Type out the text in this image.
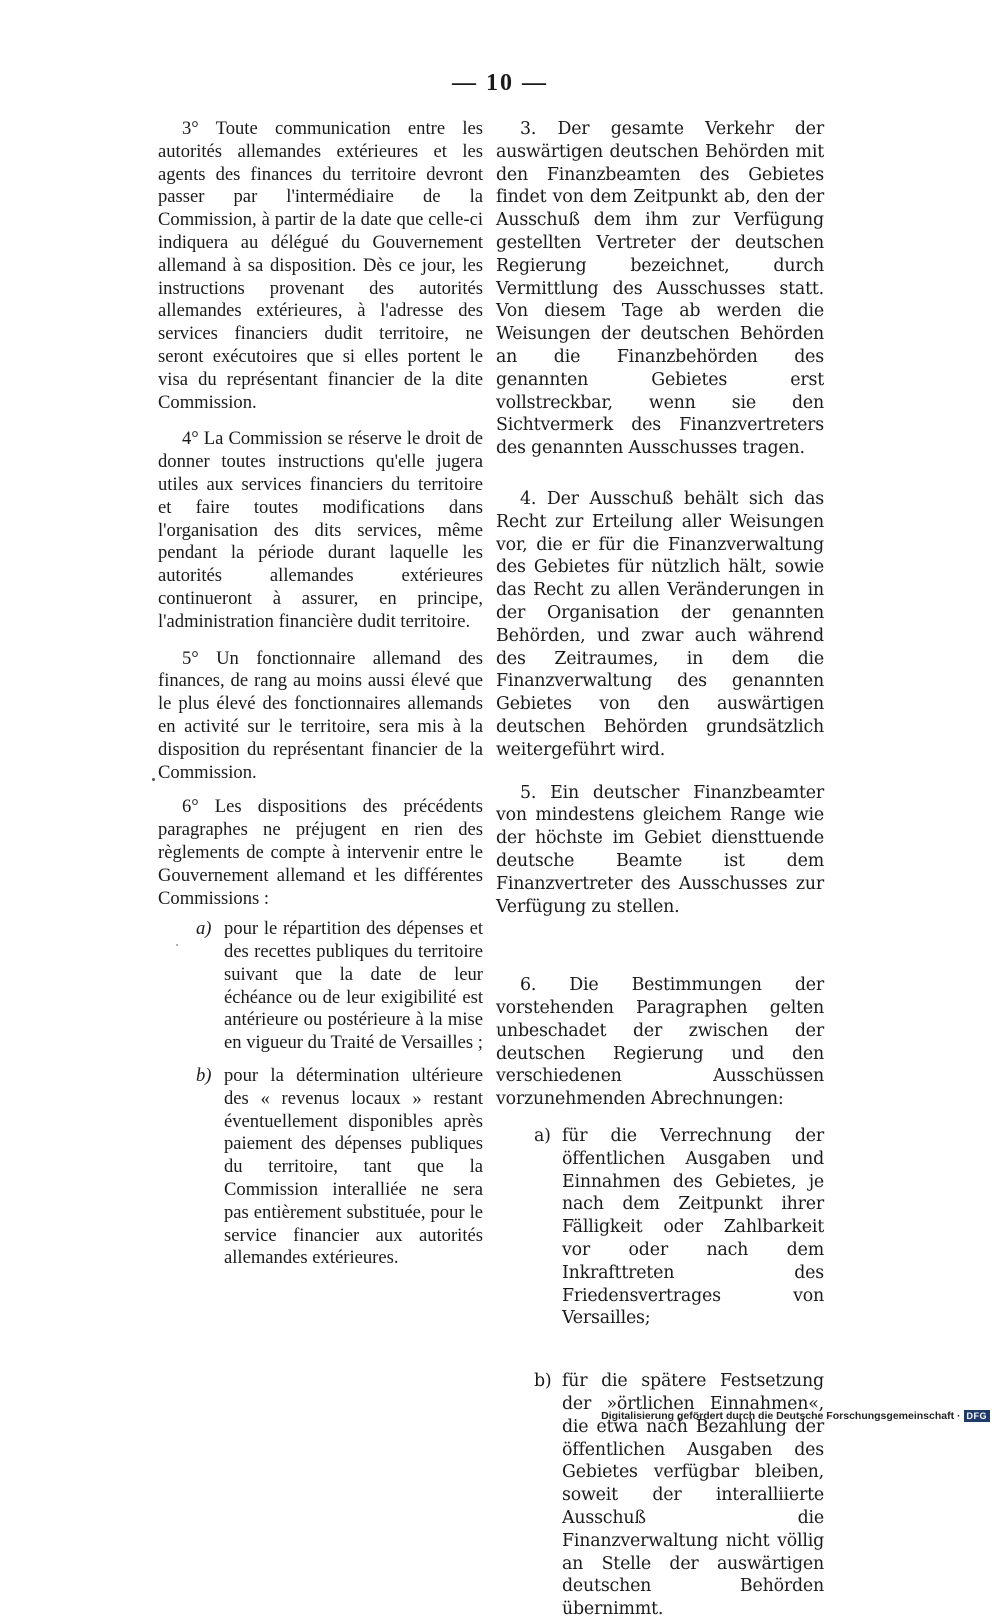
— 10 —

3° Toute communication entre les autorités allemandes extérieures et les agents des finances du territoire devront passer par l'intermédiaire de la Commission, à partir de la date que celle-ci indiquera au délégué du Gouvernement allemand à sa disposition. Dès ce jour, les instructions provenant des autorités allemandes extérieures, à l'adresse des services financiers dudit territoire, ne seront exécutoires que si elles portent le visa du représentant financier de la dite Commission.

4° La Commission se réserve le droit de donner toutes instructions qu'elle jugera utiles aux services financiers du territoire et faire toutes modifications dans l'organisation des dits services, même pendant la période durant laquelle les autorités allemandes extérieures continueront à assurer, en principe, l'administration financière dudit territoire.

5° Un fonctionnaire allemand des finances, de rang au moins aussi élevé que le plus élevé des fonctionnaires allemands en activité sur le territoire, sera mis à la disposition du représentant financier de la Commission.

6° Les dispositions des précédents paragraphes ne préjugent en rien des règlements de compte à intervenir entre le Gouvernement allemand et les différentes Commissions :

a) pour le répartition des dépenses et des recettes publiques du territoire suivant que la date de leur échéance ou de leur exigibilité est antérieure ou postérieure à la mise en vigueur du Traité de Versailles ;

b) pour la détermination ultérieure des « revenus locaux » restant éventuellement disponibles après paiement des dépenses publiques du territoire, tant que la Commission interalliée ne sera pas entièrement substituée, pour le service financier aux autorités allemandes extérieures.

3. Der gesamte Verkehr der auswärtigen deutschen Behörden mit den Finanzbeamten des Gebietes findet von dem Zeitpunkt ab, den der Ausschuß dem ihm zur Verfügung gestellten Vertreter der deutschen Regierung bezeichnet, durch Vermittlung des Ausschusses statt. Von diesem Tage ab werden die Weisungen der deutschen Behörden an die Finanzbehörden des genannten Gebietes erst vollstreckbar, wenn sie den Sichtvermerk des Finanzvertreters des genannten Ausschusses tragen.

4. Der Ausschuß behält sich das Recht zur Erteilung aller Weisungen vor, die er für die Finanzverwaltung des Gebietes für nützlich hält, sowie das Recht zu allen Veränderungen in der Organisation der genannten Behörden, und zwar auch während des Zeitraumes, in dem die Finanzverwaltung des genannten Gebietes von den auswärtigen deutschen Behörden grundsätzlich weitergeführt wird.

5. Ein deutscher Finanzbeamter von mindestens gleichem Range wie der höchste im Gebiet diensttuende deutsche Beamte ist dem Finanzvertreter des Ausschusses zur Verfügung zu stellen.

6. Die Bestimmungen der vorstehenden Paragraphen gelten unbeschadet der zwischen der deutschen Regierung und den verschiedenen Ausschüssen vorzunehmenden Abrechnungen:

a) für die Verrechnung der öffentlichen Ausgaben und Einnahmen des Gebietes, je nach dem Zeitpunkt ihrer Fälligkeit oder Zahlbarkeit vor oder nach dem Inkrafttreten des Friedensvertrages von Versailles;

b) für die spätere Festsetzung der »örtlichen Einnahmen«, die etwa nach Bezahlung der öffentlichen Ausgaben des Gebietes verfügbar bleiben, soweit der interalliierte Ausschuß die Finanzverwaltung nicht völlig an Stelle der auswärtigen deutschen Behörden übernimmt.

Digitalisierung gefördert durch die Deutsche Forschungsgemeinschaft · DFG
